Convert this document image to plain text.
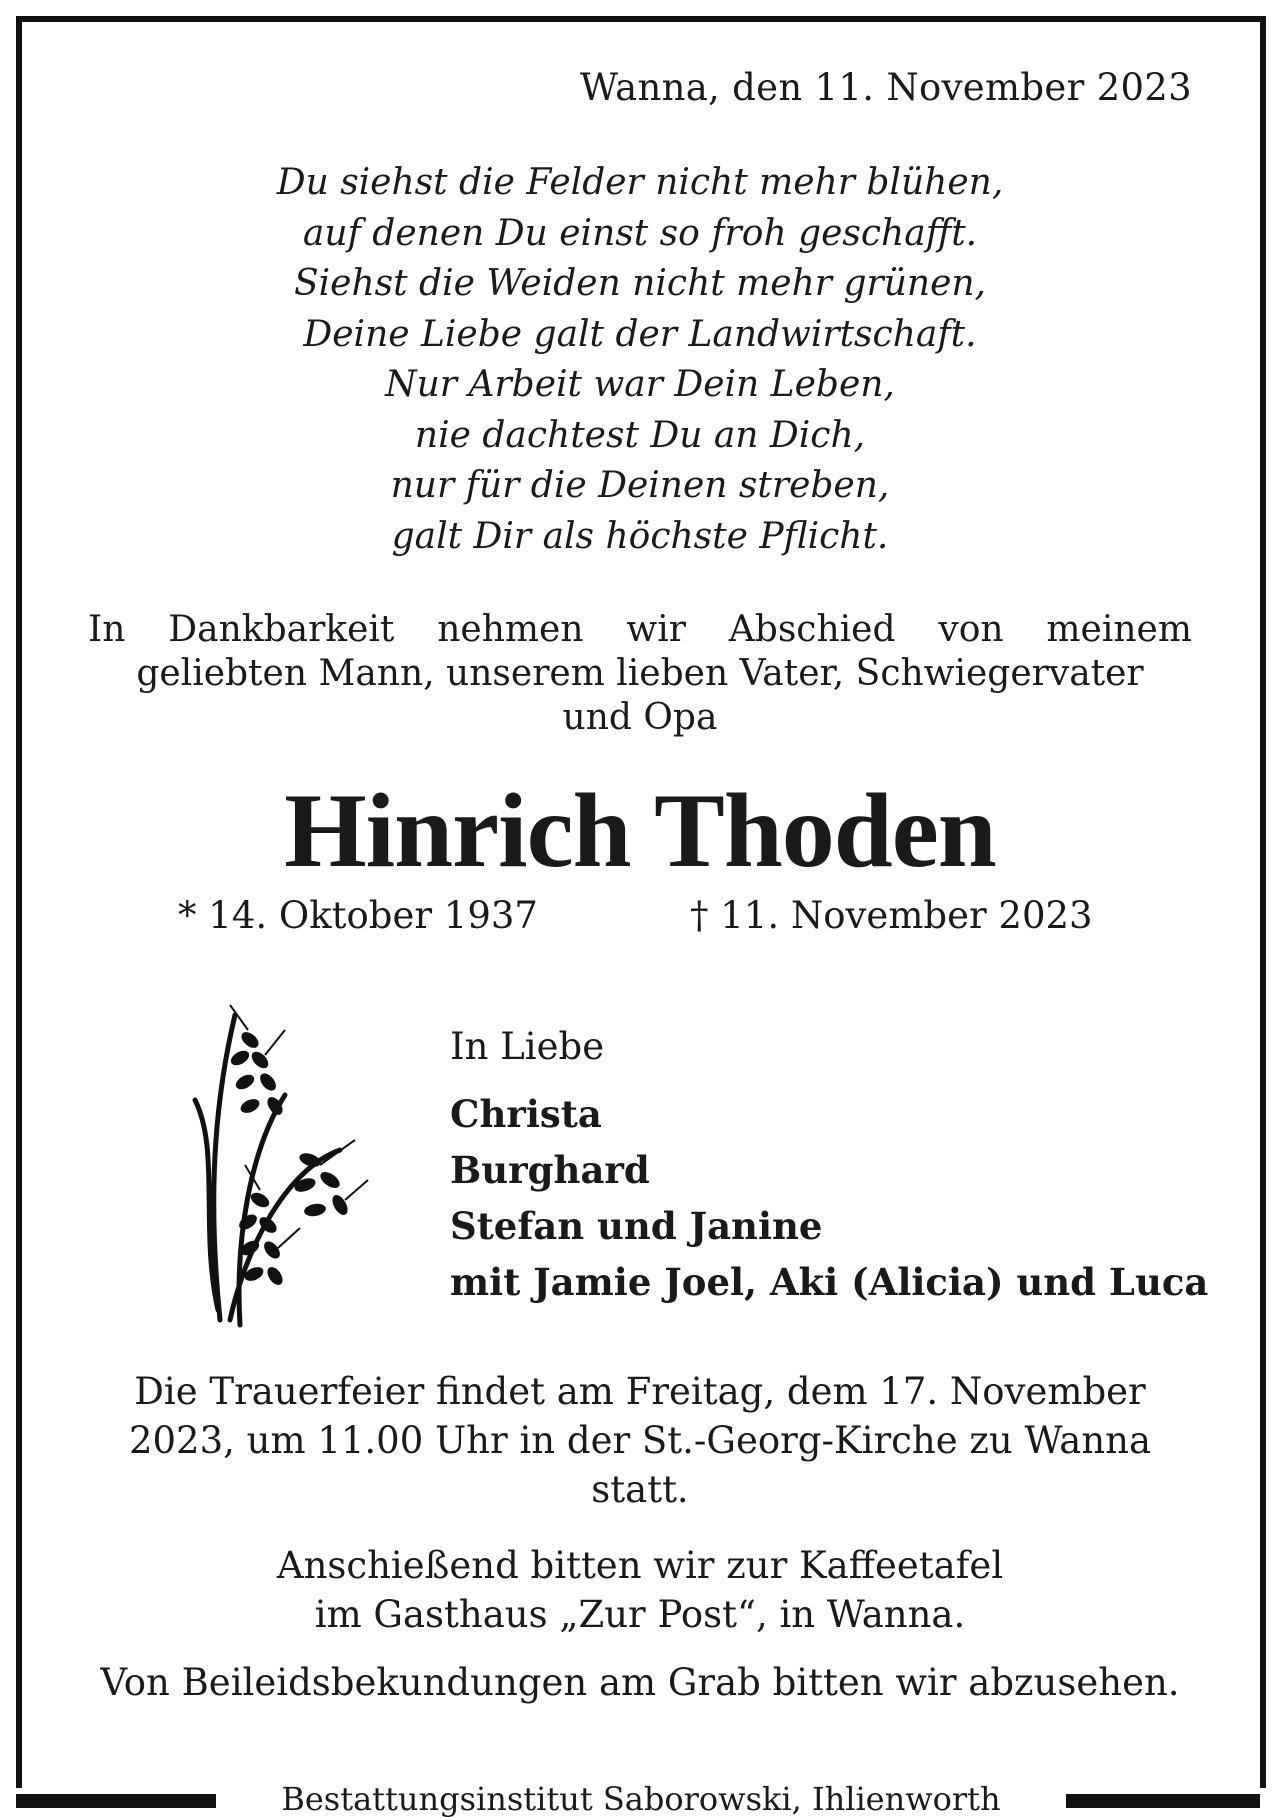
Wanna, den 11. November 2023
Du siehst die Felder nicht mehr blühen,
auf denen Du einst so froh geschafft.
Siehst die Weiden nicht mehr grünen,
Deine Liebe galt der Landwirtschaft.
Nur Arbeit war Dein Leben,
nie dachtest Du an Dich,
nur für die Deinen streben,
galt Dir als höchste Pflicht.
In Dankbarkeit nehmen wir Abschied von meinem
geliebten Mann, unserem lieben Vater, Schwiegervater
und Opa
Hinrich Thoden
* 14. Oktober 1937	† 11. November 2023
In Liebe
Christa
Burghard
Stefan und Janine
mit Jamie Joel, Aki (Alicia) und Luca
Die Trauerfeier findet am Freitag, dem 17. November
2023, um 11.00 Uhr in der St.-Georg-Kirche zu Wanna
statt.
Anschießend bitten wir zur Kaffeetafel
im Gasthaus „Zur Post“, in Wanna.
Von Beileidsbekundungen am Grab bitten wir abzusehen.
Bestattungsinstitut Saborowski, Ihlienworth
